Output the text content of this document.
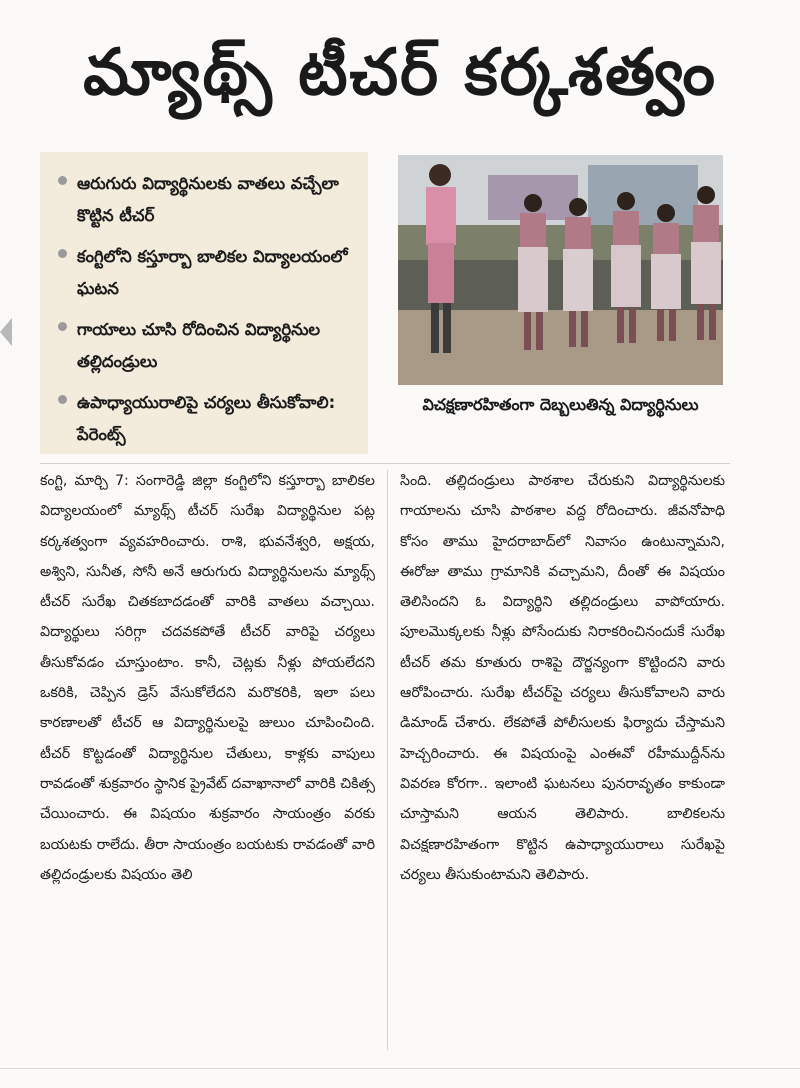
మ్యాథ్స్ టీచర్ కర్కశత్వం
ఆరుగురు విద్యార్థినులకు వాతలు వచ్చేలా కొట్టిన టీచర్
కంగ్టిలోని కస్తూర్బా బాలికల విద్యాలయంలో ఘటన
గాయాలు చూసి రోదించిన విద్యార్థినుల తల్లిదండ్రులు
ఉపాధ్యాయురాలిపై చర్యలు తీసుకోవాలి: పేరెంట్స్
విచక్షణారహితంగా దెబ్బలుతిన్న విద్యార్థినులు
కంగ్టి, మార్చి 7: సంగారెడ్డి జిల్లా కంగ్టిలోని కస్తూర్బా బాలికల విద్యాలయంలో మ్యాథ్స్ టీచర్ సురేఖ విద్యార్థినుల పట్ల కర్కశత్వంగా వ్యవహరించారు. రాశి, భువనేశ్వరి, అక్షయ, అశ్విని, సునీత, సోనీ అనే ఆరుగురు విద్యార్థినులను మ్యాథ్స్ టీచర్ సురేఖ చితకబాదడంతో వారికి వాతలు వచ్చాయి. విద్యార్థులు సరిగ్గా చదవకపోతే టీచర్ వారిపై చర్యలు తీసుకోవడం చూస్తుంటాం. కానీ, చెట్లకు నీళ్లు పోయలేదని ఒకరికి, చెప్పిన డ్రెస్ వేసుకోలేదని మరొకరికి, ఇలా పలు కారణాలతో టీచర్ ఆ విద్యార్థినులపై జులుం చూపించింది. టీచర్ కొట్టడంతో విద్యార్థినుల చేతులు, కాళ్లకు వాపులు రావడంతో శుక్రవారం స్థానిక ప్రైవేట్ దవాఖానాలో వారికి చికిత్స చేయించారు. ఈ విషయం శుక్రవారం సాయంత్రం వరకు బయటకు రాలేదు. తీరా సాయంత్రం బయటకు రావడంతో వారి తల్లిదండ్రులకు విషయం తెలి
సింది. తల్లిదండ్రులు పాఠశాల చేరుకుని విద్యార్థినులకు గాయాలను చూసి పాఠశాల వద్ద రోదించారు. జీవనోపాధి కోసం తాము హైదరాబాద్‌లో నివాసం ఉంటున్నామని, ఈరోజు తాము గ్రామానికి వచ్చామని, దీంతో ఈ విషయం తెలిసిందని ఓ విద్యార్థిని తల్లిదండ్రులు వాపోయారు. పూలమొక్కలకు నీళ్లు పోసేందుకు నిరాకరించినందుకే సురేఖ టీచర్ తమ కూతురు రాశిపై దౌర్జన్యంగా కొట్టిందని వారు ఆరోపించారు. సురేఖ టీచర్‌పై చర్యలు తీసుకోవాలని వారు డిమాండ్ చేశారు. లేకపోతే పోలీసులకు ఫిర్యాదు చేస్తామని హెచ్చరించారు. ఈ విషయంపై ఎంఈవో రహీముద్దీన్‌ను వివరణ కోరగా.. ఇలాంటి ఘటనలు పునరావృతం కాకుండా చూస్తామని ఆయన తెలిపారు. బాలికలను విచక్షణారహితంగా కొట్టిన ఉపాధ్యాయురాలు సురేఖపై చర్యలు తీసుకుంటామని తెలిపారు.
